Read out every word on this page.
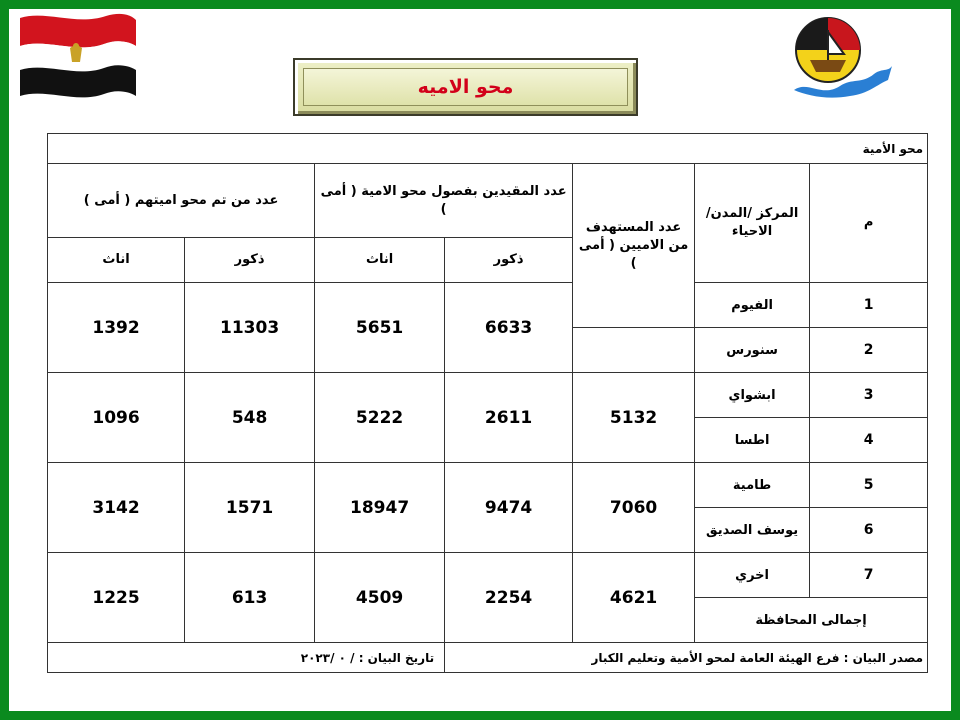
محو الاميه
محو الأمية							
م	المركز /المدن/الاحياء	عدد المستهدف من الاميين ( أمى )	عدد المقيدين بفصول محو الامية ( أمى )		عدد من تم محو اميتهم ( أمى )		
			ذكور	اناث	ذكور	اناث	
1	الفيوم		6633	5651	11303	1392	
2	سنورس						
3	ابشواي	5132	2611	5222	548	1096	
4	اطسا						
5	طامية	7060	9474	18947	1571	3142	
6	يوسف الصديق						
7	اخري	4621	2254	4509	613	1225	
إجمالى المحافظة							
مصدر البيان : فرع الهيئة العامة لمحو الأمية وتعليم الكبار				تاريخ البيان : / ٠ /٢٠٢٣			
